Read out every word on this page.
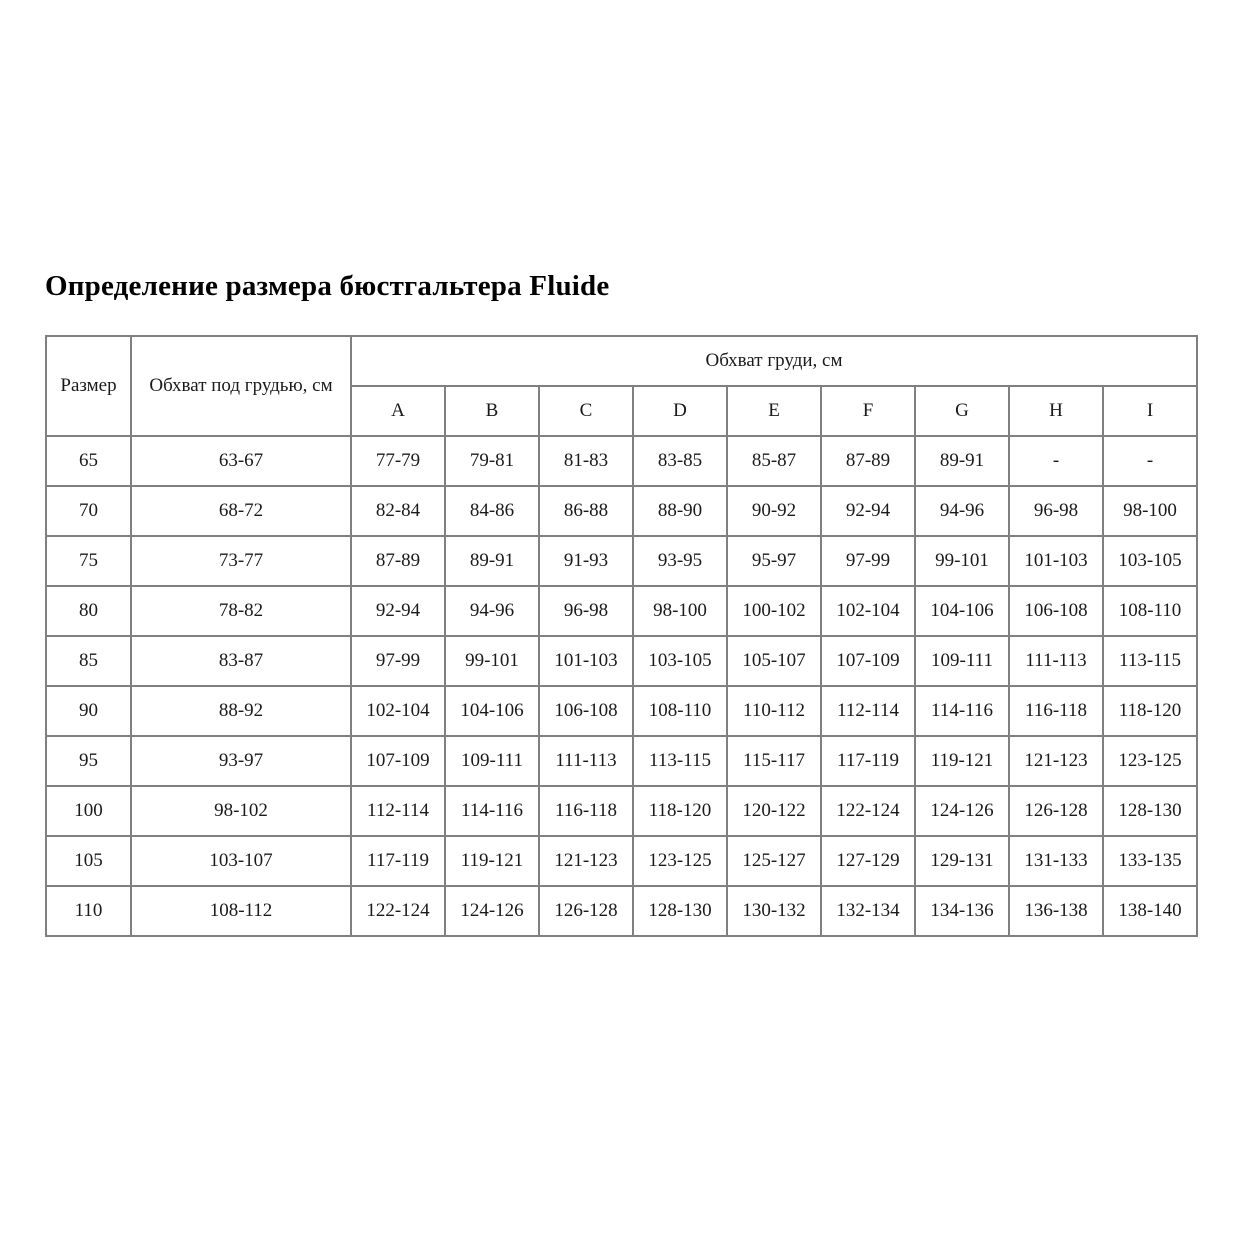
Определение размера бюстгальтера Fluide
Размер	Обхват под грудью, см	Обхват груди, см								
		A	B	C	D	E	F	G	H	I
65	63-67	77-79	79-81	81-83	83-85	85-87	87-89	89-91	-	-
70	68-72	82-84	84-86	86-88	88-90	90-92	92-94	94-96	96-98	98-100
75	73-77	87-89	89-91	91-93	93-95	95-97	97-99	99-101	101-103	103-105
80	78-82	92-94	94-96	96-98	98-100	100-102	102-104	104-106	106-108	108-110
85	83-87	97-99	99-101	101-103	103-105	105-107	107-109	109-111	111-113	113-115
90	88-92	102-104	104-106	106-108	108-110	110-112	112-114	114-116	116-118	118-120
95	93-97	107-109	109-111	111-113	113-115	115-117	117-119	119-121	121-123	123-125
100	98-102	112-114	114-116	116-118	118-120	120-122	122-124	124-126	126-128	128-130
105	103-107	117-119	119-121	121-123	123-125	125-127	127-129	129-131	131-133	133-135
110	108-112	122-124	124-126	126-128	128-130	130-132	132-134	134-136	136-138	138-140
